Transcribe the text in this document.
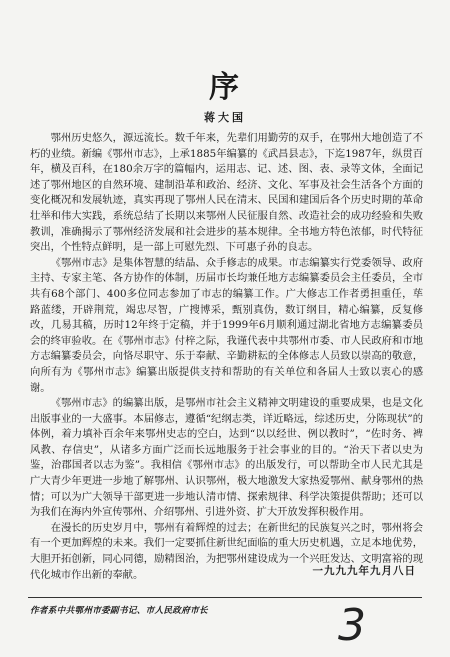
序
蒋大国

鄂州历史悠久，源远流长。数千年来，先辈们用勤劳的双手，在鄂州大地创造了不朽的业绩。新编《鄂州市志》，上承1885年编纂的《武昌县志》，下迄1987年，纵贯百年，横及百科，在180余万字的篇幅内，运用志、记、述、图、表、录等文体，全面记述了鄂州地区的自然环境、建制沿革和政治、经济、文化、军事及社会生活各个方面的变化概况和发展轨迹，真实再现了鄂州人民在清末、民国和建国后各个历史时期的革命壮举和伟大实践，系统总结了长期以来鄂州人民征服自然、改造社会的成功经验和失败教训，准确揭示了鄂州经济发展和社会进步的基本规律。全书地方特色浓郁，时代特征突出，个性特点鲜明，是一部上可慰先烈、下可惠子孙的良志。

《鄂州市志》是集体智慧的结晶、众手修志的成果。市志编纂实行党委领导、政府主持、专家主笔、各方协作的体制，历届市长均兼任地方志编纂委员会主任委员，全市共有68个部门、400多位同志参加了市志的编纂工作。广大修志工作者勇担重任，荜路蓝缕，开辟荆荒，竭忠尽智，广搜博采，甄别真伪，数订纲目，精心编纂，反复修改，几易其稿，历时12年终于定稿，并于1999年6月顺利通过湖北省地方志编纂委员会的终审验收。在《鄂州市志》付梓之际，我谨代表中共鄂州市委、市人民政府和市地方志编纂委员会，向恪尽职守、乐于奉献、辛勤耕耘的全体修志人员致以崇高的敬意，向所有为《鄂州市志》编纂出版提供支持和帮助的有关单位和各届人士致以衷心的感谢。

《鄂州市志》的编纂出版，是鄂州市社会主义精神文明建设的重要成果，也是文化出版事业的一大盛事。本届修志，遵循“纪纲志类，详近略远，综述历史，分陈现状”的体例，着力填补百余年来鄂州史志的空白，达到“以以经世、例以教时”，“佐时务、裨风教、存信史”，从诸多方面广泛而长远地服务于社会事业的目的。“治天下者以史为鉴，治郡国者以志为鉴”。我相信《鄂州市志》的出版发行，可以帮助全市人民尤其是广大青少年更进一步地了解鄂州、认识鄂州，极大地激发大家热爱鄂州、献身鄂州的热情；可以为广大领导干部更进一步地认清市情、探索规律、科学决策提供帮助；还可以为我们在海内外宣传鄂州、介绍鄂州、引进外资、扩大开放发挥积极作用。

在漫长的历史岁月中，鄂州有着辉煌的过去；在新世纪的民族复兴之时，鄂州将会有一个更加辉煌的未来。我们一定要抓住新世纪面临的重大历史机遇，立足本地优势，大胆开拓创新，同心同德，励精图治，为把鄂州建设成为一个兴旺发达、文明富裕的现代化城市作出新的奉献。	一九九九年九月八日
作者系中共鄂州市委副书记、市人民政府市长	3
